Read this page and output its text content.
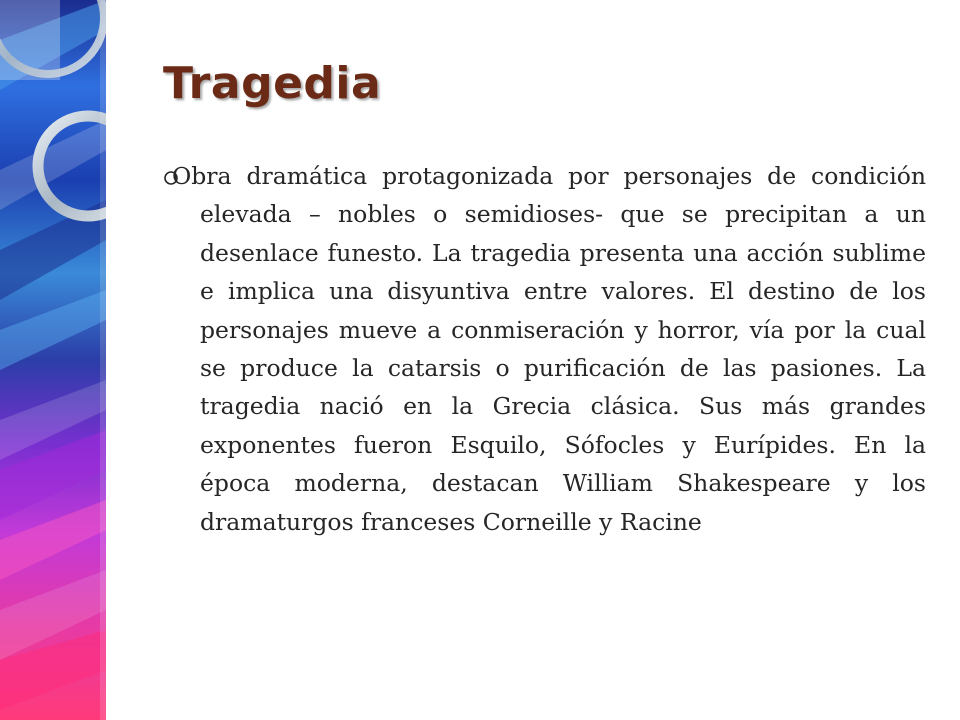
Tragedia

Obra dramática protagonizada por personajes de condición elevada – nobles o semidioses- que se precipitan a un desenlace funesto. La tragedia presenta una acción sublime e implica una disyuntiva entre valores. El destino de los personajes mueve a conmiseración y horror, vía por la cual se produce la catarsis o purificación de las pasiones. La tragedia nació en la Grecia clásica. Sus más grandes exponentes fueron Esquilo, Sófocles y Eurípides. En la época moderna, destacan William Shakespeare y los dramaturgos franceses Corneille y Racine
